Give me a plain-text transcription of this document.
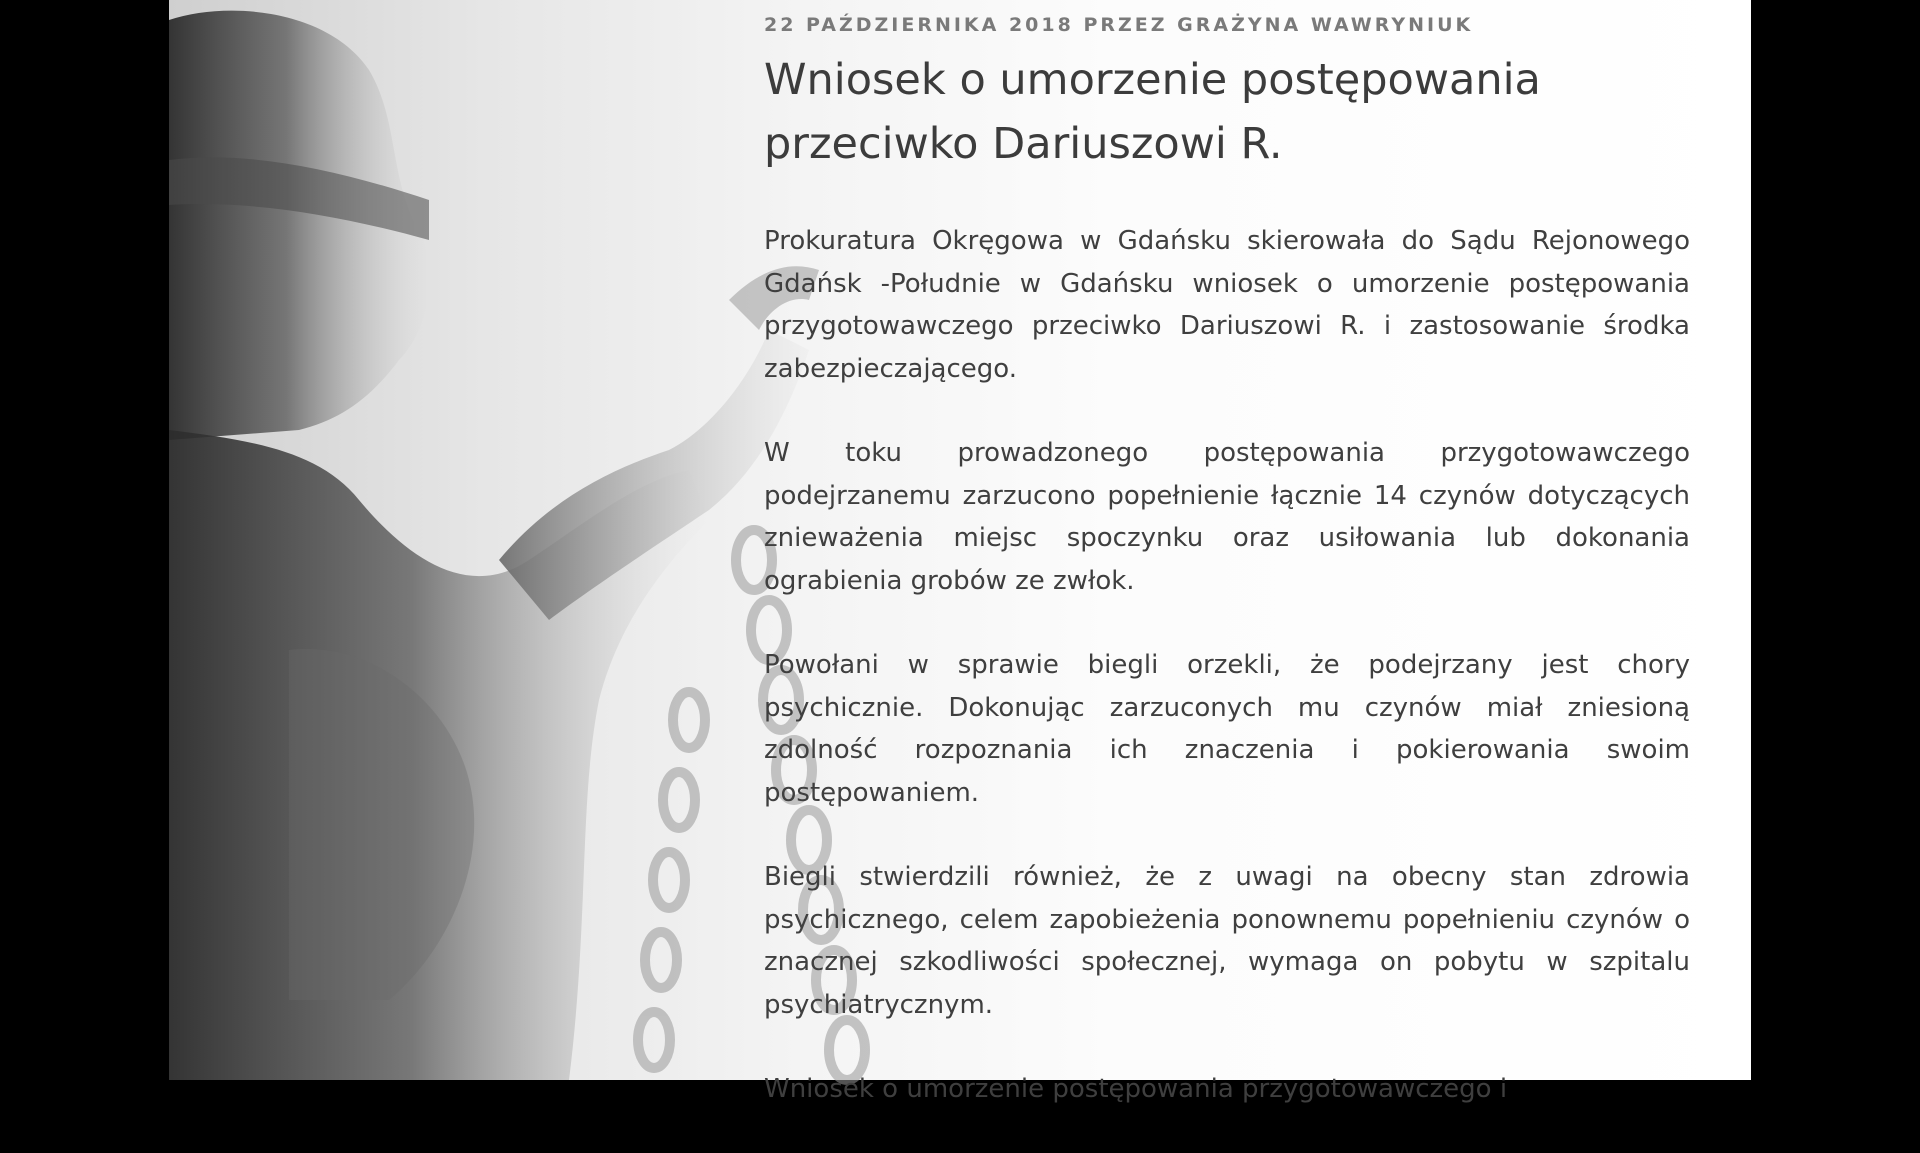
22 PAŹDZIERNIKA 2018 PRZEZ GRAŻYNA WAWRYNIUK
Wniosek o umorzenie postępowania przeciwko Dariuszowi R.

Prokuratura Okręgowa w Gdańsku skierowała do Sądu Rejonowego Gdańsk -Południe w Gdańsku wniosek o umorzenie postępowania przygotowawczego przeciwko Dariuszowi R. i zastosowanie środka zabezpieczającego.

W toku prowadzonego postępowania przygotowawczego podejrzanemu zarzucono popełnienie łącznie 14 czynów dotyczących znieważenia miejsc spoczynku oraz usiłowania lub dokonania ograbienia grobów ze zwłok.

Powołani w sprawie biegli orzekli, że podejrzany jest chory psychicznie. Dokonując zarzuconych mu czynów miał zniesioną zdolność rozpoznania ich znaczenia i pokierowania swoim postępowaniem.

Biegli stwierdzili również, że z uwagi na obecny stan zdrowia psychicznego, celem zapobieżenia ponownemu popełnieniu czynów o znacznej szkodliwości społecznej, wymaga on pobytu w szpitalu psychiatrycznym.

Wniosek o umorzenie postępowania przygotowawczego i
